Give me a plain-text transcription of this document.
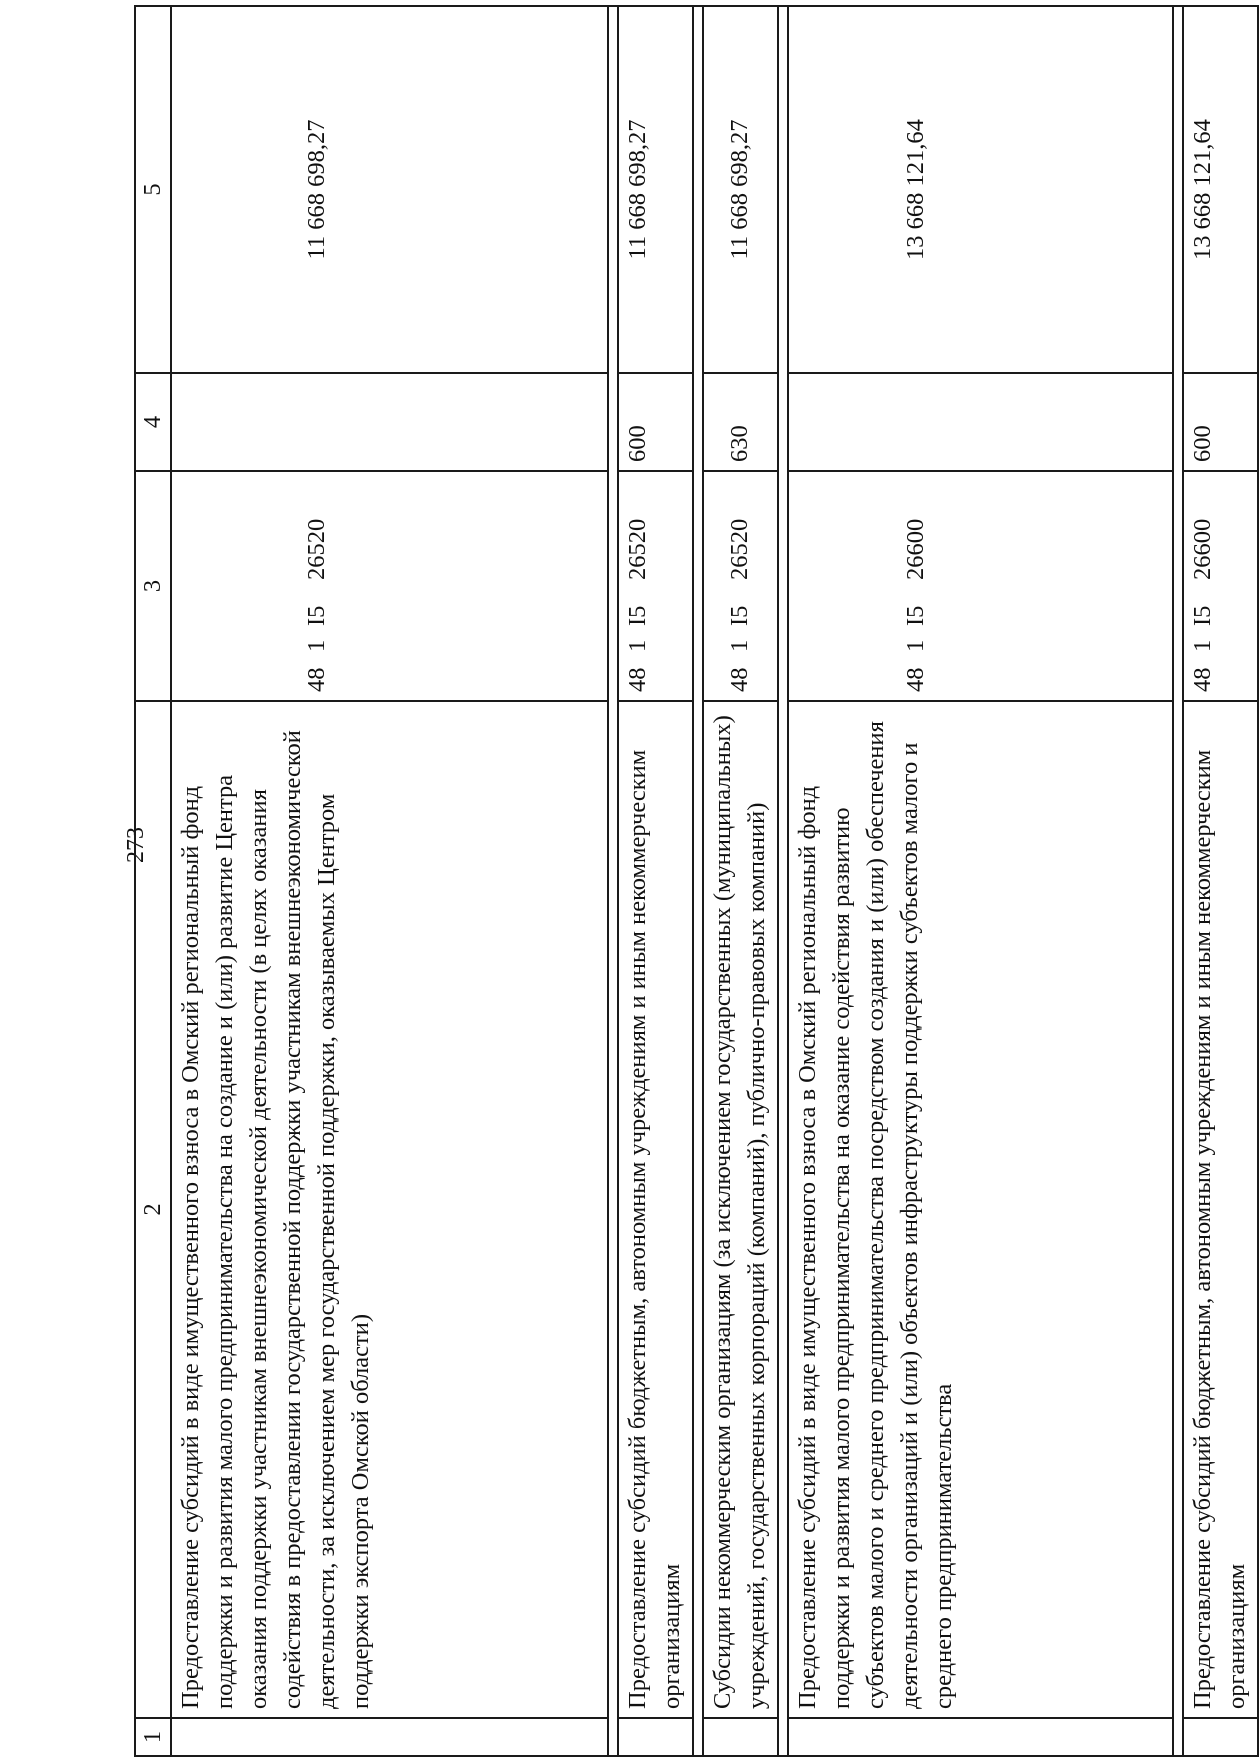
273
1	2	3	4	5
	Предоставление субсидий в виде имущественного взноса в Омский региональный фонд поддержки и развития малого предпринимательства на создание и (или) развитие Центра оказания поддержки участникам внешнеэкономической деятельности (в целях оказания содействия в предоставлении государственной поддержки участникам внешнеэкономической деятельности, за исключением мер государственной поддержки, оказываемых Центром поддержки экспорта Омской области)	481I526520		11 668 698,27

	Предоставление субсидий бюджетным, автономным учреждениям и иным некоммерческим организациям	481I526520	600	11 668 698,27

	Субсидии некоммерческим организациям (за исключением государственных (муниципальных) учреждений, государственных корпораций (компаний), публично-правовых компаний)	481I526520	630	11 668 698,27

	Предоставление субсидий в виде имущественного взноса в Омский региональный фонд поддержки и развития малого предпринимательства на оказание содействия развитию субъектов малого и среднего предпринимательства посредством создания и (или) обеспечения деятельности организаций и (или) объектов инфраструктуры поддержки субъектов малого и среднего предпринимательства	481I526600		13 668 121,64

	Предоставление субсидий бюджетным, автономным учреждениям и иным некоммерческим организациям	481I526600	600	13 668 121,64
